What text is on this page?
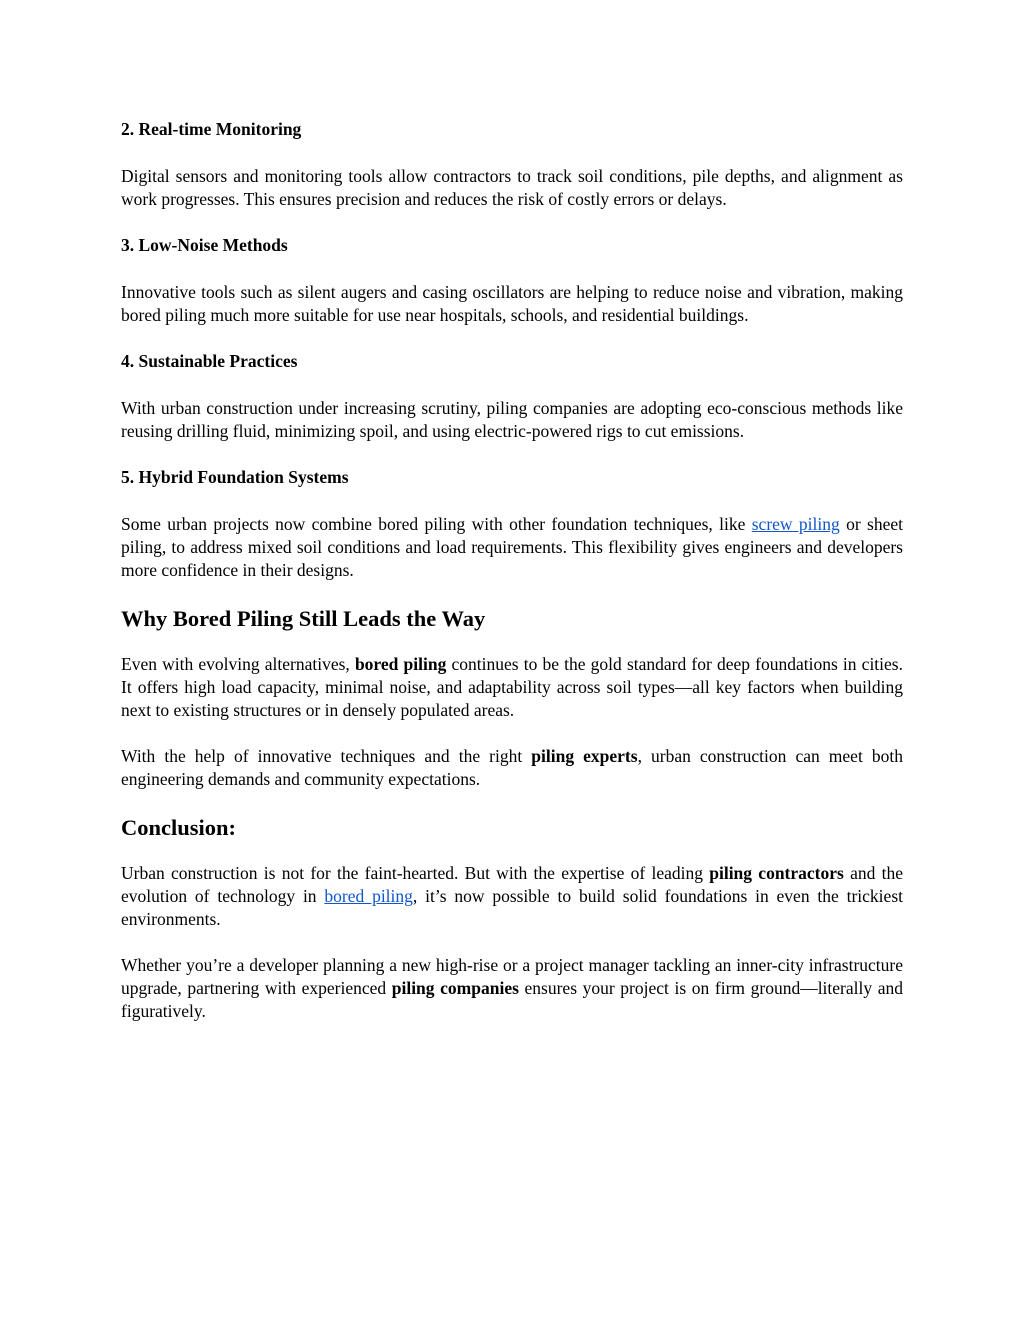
2. Real-time Monitoring

Digital sensors and monitoring tools allow contractors to track soil conditions, pile depths, and alignment as work progresses. This ensures precision and reduces the risk of costly errors or delays.

3. Low-Noise Methods

Innovative tools such as silent augers and casing oscillators are helping to reduce noise and vibration, making bored piling much more suitable for use near hospitals, schools, and residential buildings.

4. Sustainable Practices

With urban construction under increasing scrutiny, piling companies are adopting eco-conscious methods like reusing drilling fluid, minimizing spoil, and using electric-powered rigs to cut emissions.

5. Hybrid Foundation Systems

Some urban projects now combine bored piling with other foundation techniques, like screw piling or sheet piling, to address mixed soil conditions and load requirements. This flexibility gives engineers and developers more confidence in their designs.

Why Bored Piling Still Leads the Way

Even with evolving alternatives, bored piling continues to be the gold standard for deep foundations in cities. It offers high load capacity, minimal noise, and adaptability across soil types—all key factors when building next to existing structures or in densely populated areas.

With the help of innovative techniques and the right piling experts, urban construction can meet both engineering demands and community expectations.

Conclusion:

Urban construction is not for the faint-hearted. But with the expertise of leading piling contractors and the evolution of technology in bored piling, it’s now possible to build solid foundations in even the trickiest environments.

Whether you’re a developer planning a new high-rise or a project manager tackling an inner-city infrastructure upgrade, partnering with experienced piling companies ensures your project is on firm ground—literally and figuratively.
